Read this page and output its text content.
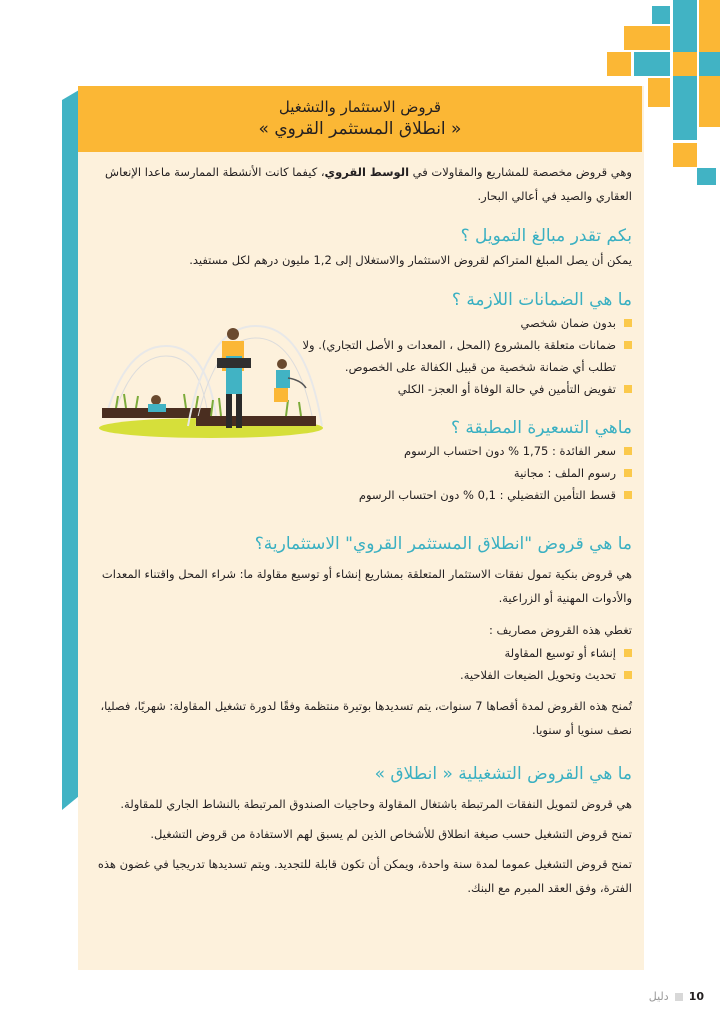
قروض الاستثمار والتشغيل
« انطلاق المستثمر القروي »

وهي قروض مخصصة للمشاريع والمقاولات في الوسط القروي، كيفما كانت الأنشطة الممارسة ماعدا الإنعاش العقاري والصيد في أعالي البحار.

بكم تقدر مبالغ التمويل ؟

يمكن أن يصل المبلغ المتراكم لقروض الاستثمار والاستغلال إلى 1,2 مليون درهم لكل مستفيد.

ما هي الضمانات اللازمة ؟
بدون ضمان شخصي
ضمانات متعلقة بالمشروع (المحل ، المعدات و الأصل التجاري). ولا تطلب أي ضمانة شخصية من قبيل الكفالة على الخصوص.
تفويض التأمين في حالة الوفاة أو العجز- الكلي
ماهي التسعيرة المطبقة ؟
سعر الفائدة : 1,75 % دون احتساب الرسوم
رسوم الملف : مجانية
قسط التأمين التفضيلي : 0,1 % دون احتساب الرسوم
ما هي قروض "انطلاق المستثمر القروي" الاستثمارية؟

هي قروض بنكية تمول نفقات الاستثمار المتعلقة بمشاريع إنشاء أو توسيع مقاولة ما: شراء المحل واقتناء المعدات والأدوات المهنية أو الزراعية.

تغطي هذه القروض مصاريف :

إنشاء أو توسيع المقاولة
تحديث وتحويل الضيعات الفلاحية.

تُمنح هذه القروض لمدة أقصاها 7 سنوات، يتم تسديدها بوتيرة منتظمة وفقًا لدورة تشغيل المقاولة: شهريًا، فصليا، نصف سنويا أو سنويا.

ما هي القروض التشغيلية « انطلاق »

هي قروض لتمويل النفقات المرتبطة باشتغال المقاولة وحاجيات الصندوق المرتبطة بالنشاط الجاري للمقاولة.

تمنح قروض التشغيل حسب صيغة انطلاق للأشخاص الذين لم يسبق لهم الاستفادة من قروض التشغيل.

تمنح قروض التشغيل عموما لمدة سنة واحدة، ويمكن أن تكون قابلة للتجديد. ويتم تسديدها تدريجيا في غضون هذه الفترة، وفق العقد المبرم مع البنك.

دليل 10
